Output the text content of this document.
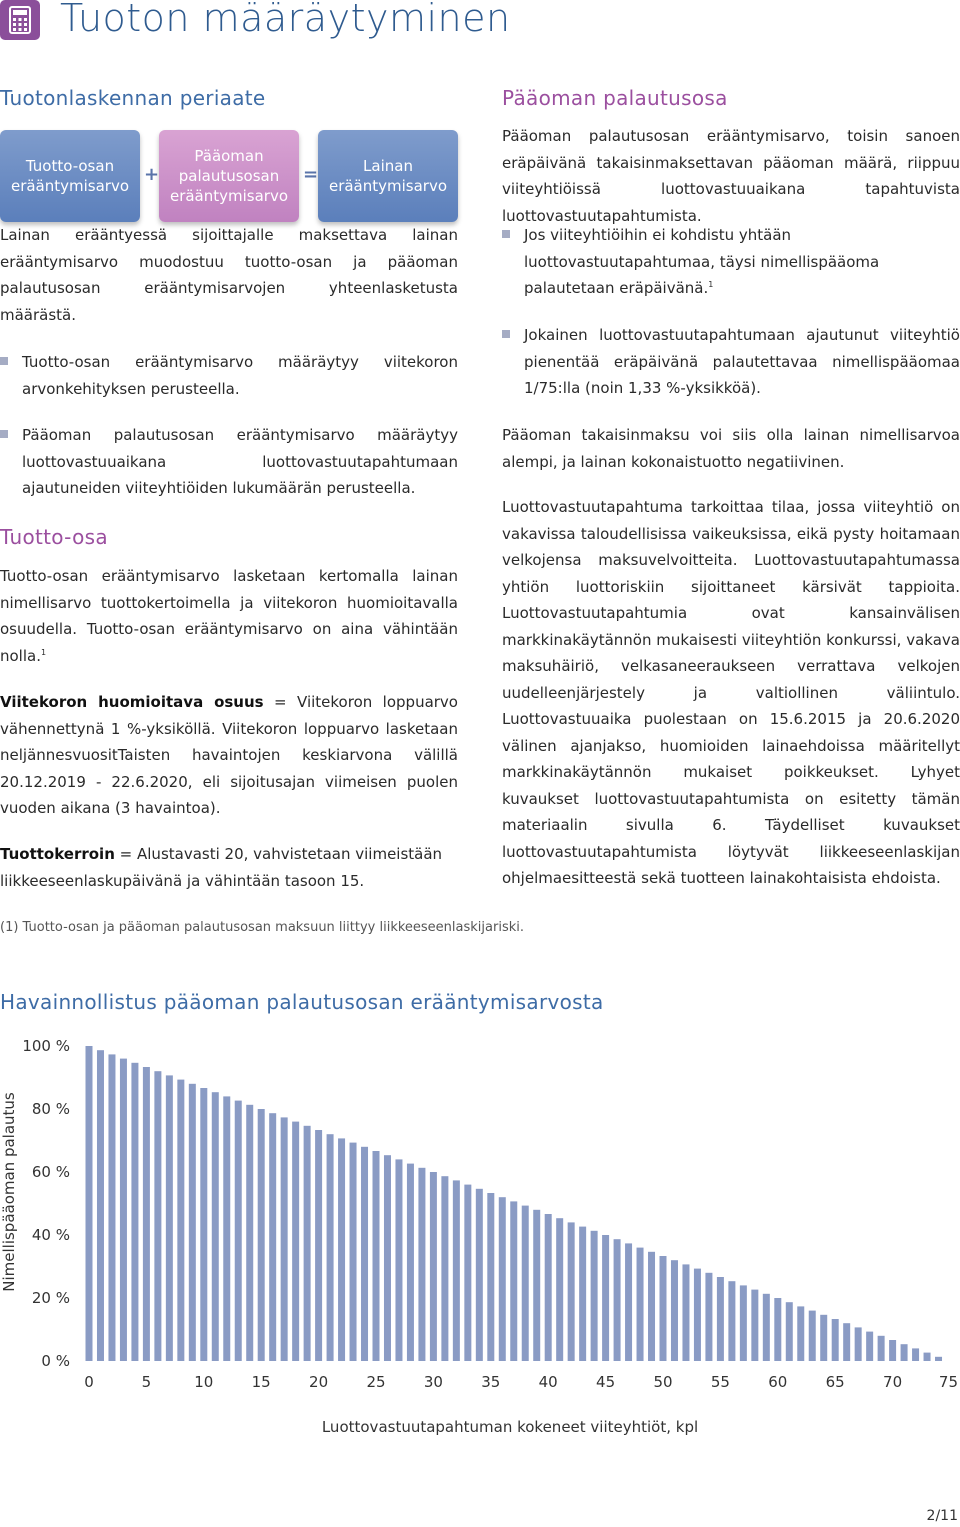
Tuoton määräytyminen
Tuotonlaskennan periaate
Tuotto-osan
erääntymisarvo
+
Pääoman
palautusosan
erääntymisarvo
=	Lainan
erääntymisarvo
Lainan erääntyessä sijoittajalle maksettava lainan erääntymisarvo muodostuu tuotto-osan ja pääoman palautusosan erääntymisarvojen yhteenlasketusta määrästä.
Tuotto-osan erääntymisarvo määräytyy viitekoron arvonkehityksen perusteella.
Pääoman palautusosan erääntymisarvo määräytyy luottovastuuaikana luottovastuutapahtumaan ajautuneiden viiteyhtiöiden lukumäärän perusteella.
Tuotto-osa
Tuotto-osan erääntymisarvo lasketaan kertomalla lainan nimellisarvo tuottokertoimella ja viitekoron huomioitavalla osuudella. Tuotto-osan erääntymisarvo on aina vähintään nolla.$^1$
Viitekoron huomioitava osuus = Viitekoron loppuarvo vähennettynä 1 %-yksiköllä. Viitekoron loppuarvo lasketaan neljännesvuositTaisten havaintojen keskiarvona välillä 20.12.2019 - 22.6.2020, eli sijoitusajan viimeisen puolen vuoden aikana (3 havaintoa).
Tuottokerroin = Alustavasti 20, vahvistetaan viimeistään liikkeeseenlaskupäivänä ja vähintään tasoon 15.
Pääoman palautusosa
Pääoman palautusosan erääntymisarvo, toisin sanoen eräpäivänä takaisinmaksettavan pääoman määrä, riippuu viiteyhtiöissä luottovastuuaikana tapahtuvista luottovastuutapahtumista.
Jos viiteyhtiöihin ei kohdistu yhtään luottovastuutapahtumaa, täysi nimellispääoma palautetaan eräpäivänä.$^1$
Jokainen luottovastuutapahtumaan ajautunut viiteyhtiö pienentää eräpäivänä palautettavaa nimellispääomaa 1/75:lla (noin 1,33 %-yksikköä).
Pääoman takaisinmaksu voi siis olla lainan nimellisarvoa alempi, ja lainan kokonaistuotto negatiivinen.
Luottovastuutapahtuma tarkoittaa tilaa, jossa viiteyhtiö on vakavissa taloudellisissa vaikeuksissa, eikä pysty hoitamaan velkojensa maksuvelvoitteita. Luottovastuutapahtumassa yhtiön luottoriskiin sijoittaneet kärsivät tappioita. Luottovastuutapahtumia ovat kansainvälisen markkinakäytännön mukaisesti viiteyhtiön konkurssi, vakava maksuhäiriö, velkasaneeraukseen verrattava velkojen uudelleenjärjestely ja valtiollinen väliintulo. Luottovastuuaika puolestaan on 15.6.2015 ja 20.6.2020 välinen ajanjakso, huomioiden lainaehdoissa määritellyt markkinakäytännön mukaiset poikkeukset. Lyhyet kuvaukset luottovastuutapahtumista on esitetty tämän materiaalin sivulla 6. Täydelliset kuvaukset luottovastuutapahtumista löytyvät liikkeeseenlaskijan ohjelmaesitteestä sekä tuotteen lainakohtaisista ehdoista.
(1) Tuotto-osan ja pääoman palautusosan maksuun liittyy liikkeeseenlaskijariski.
Havainnollistus pääoman palautusosan erääntymisarvosta
0 %
20 %
40 %
60 %
80 %
100 %
0	5	10	15	20	25	30	35	40	45	50	55	60	65	70 75
Nimellispääoman palautus
Luottovastuutapahtuman kokeneet viiteyhtiöt, kpl
2/11
